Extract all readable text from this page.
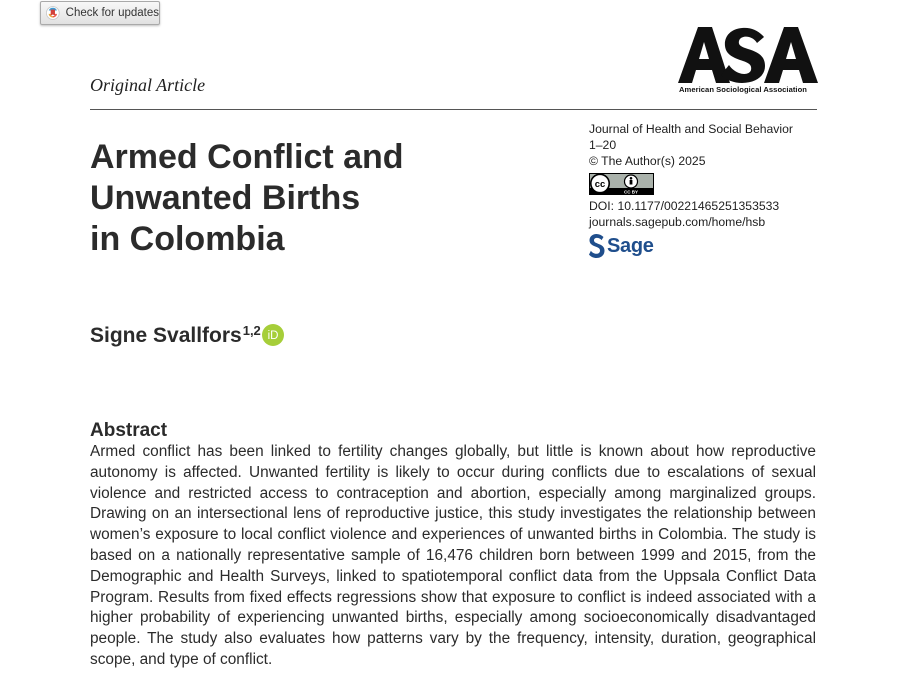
Check for updates
Original Article	American Sociological Association
Armed Conflict and
Unwanted Births
in Colombia
Journal of Health and Social Behavior
1–20
© The Author(s) 2025
cc
CC BY
DOI: 10.1177/00221465251353533
journals.sagepub.com/home/hsb
Sage
Signe Svallfors 1,2 iD
Abstract

Armed conflict has been linked to fertility changes globally, but little is known about how reproductive autonomy is affected. Unwanted fertility is likely to occur during conflicts due to escalations of sexual violence and restricted access to contraception and abortion, especially among marginalized groups. Drawing on an intersectional lens of reproductive justice, this study investigates the relationship between women’s exposure to local conflict violence and experiences of unwanted births in Colombia. The study is based on a nationally representative sample of 16,476 children born between 1999 and 2015, from the Demographic and Health Surveys, linked to spatiotemporal conflict data from the Uppsala Conflict Data Program. Results from fixed effects regressions show that exposure to conflict is indeed associated with a higher probability of experiencing unwanted births, especially among socioeconomically disadvantaged people. The study also evaluates how patterns vary by the frequency, intensity, duration, geographical scope, and type of conflict.
